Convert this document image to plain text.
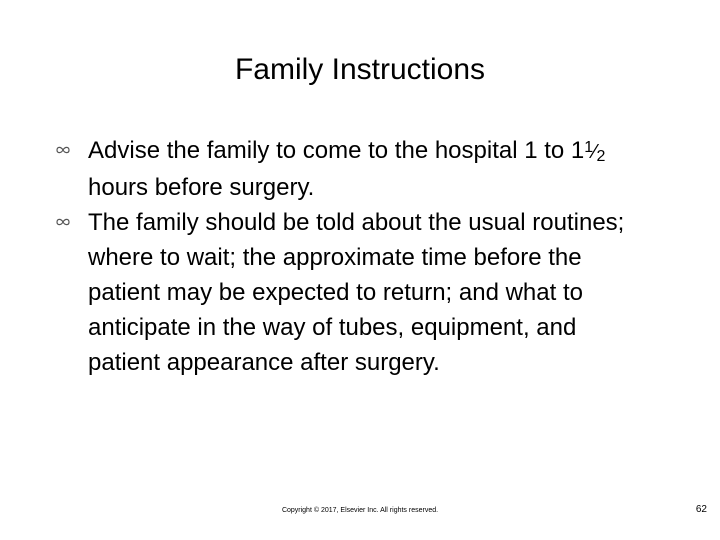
Family Instructions
Advise the family to come to the hospital 1 to $1^1⁄_2$ hours before surgery.
The family should be told about the usual routines; where to wait; the approximate time before the patient may be expected to return; and what to anticipate in the way of tubes, equipment, and patient appearance after surgery.
Copyright © 2017, Elsevier Inc. All rights reserved.	62
